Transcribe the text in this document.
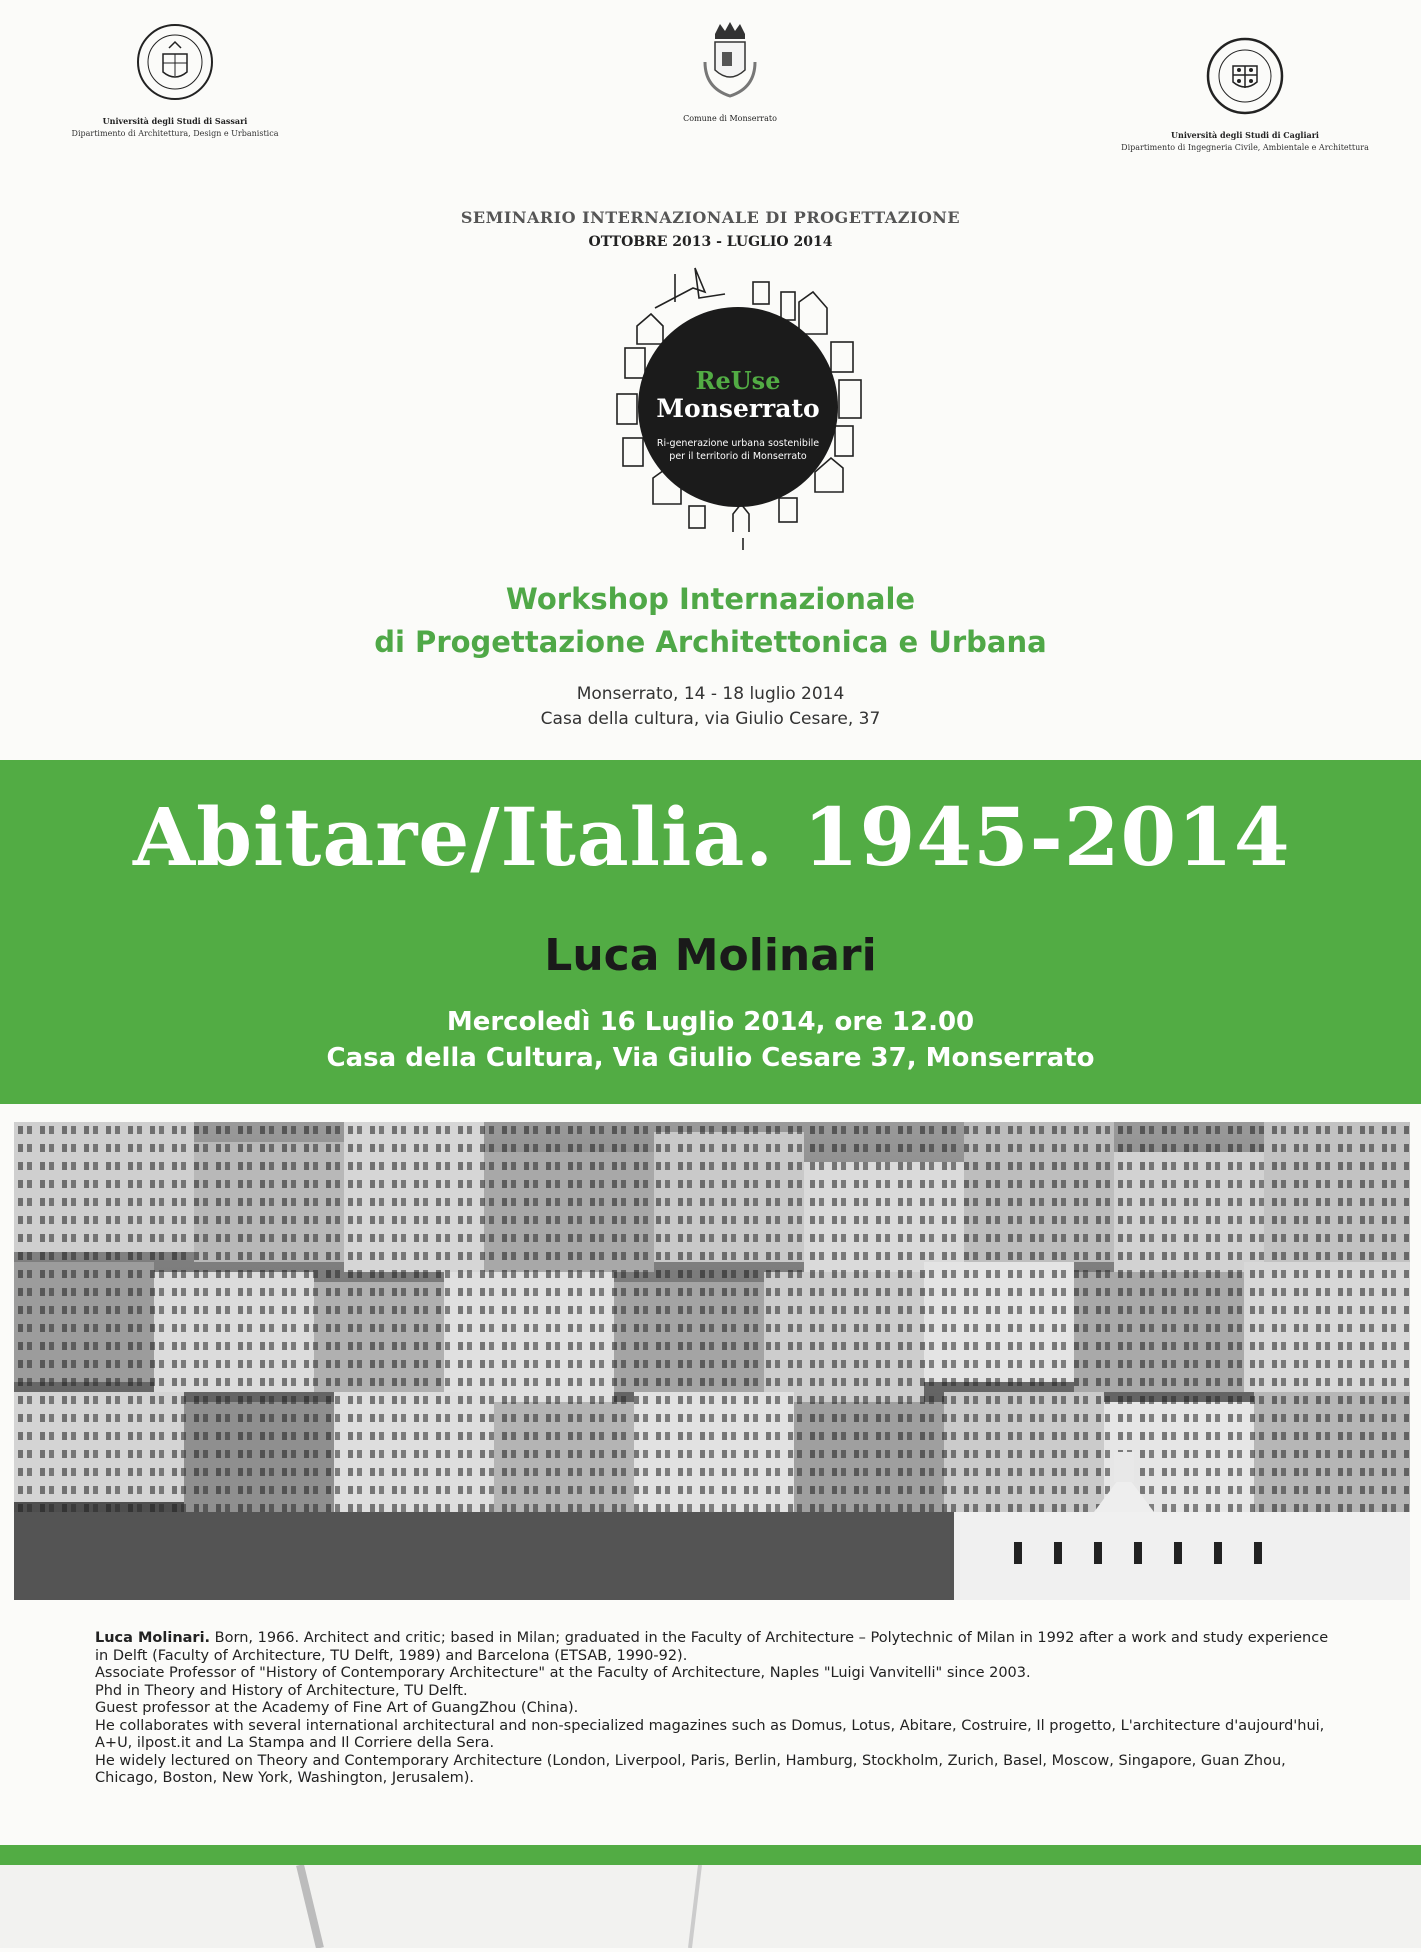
Università degli Studi di Sassari
Dipartimento di Architettura, Design e Urbanistica
Comune di Monserrato
Università degli Studi di Cagliari
Dipartimento di Ingegneria Civile, Ambientale e Architettura
SEMINARIO INTERNAZIONALE DI PROGETTAZIONE
OTTOBRE 2013 - LUGLIO 2014
ReUse
Monserrato
Ri-generazione urbana sostenibile
per il territorio di Monserrato
Workshop Internazionale
di Progettazione Architettonica e Urbana
Monserrato, 14 - 18 luglio 2014
Casa della cultura, via Giulio Cesare, 37
Abitare/Italia. 1945-2014
Luca Molinari
Mercoledì 16 Luglio 2014, ore 12.00
Casa della Cultura, Via Giulio Cesare 37, Monserrato

Luca Molinari. Born, 1966. Architect and critic; based in Milan; graduated in the Faculty of Architecture – Polytechnic of Milan in 1992 after a work and study experience in Delft (Faculty of Architecture, TU Delft, 1989) and Barcelona (ETSAB, 1990-92).

Associate Professor of "History of Contemporary Architecture" at the Faculty of Architecture, Naples "Luigi Vanvitelli" since 2003.

Phd in Theory and History of Architecture, TU Delft.

Guest professor at the Academy of Fine Art of GuangZhou (China).

He collaborates with several international architectural and non-specialized magazines such as Domus, Lotus, Abitare, Costruire, Il progetto, L'architecture d'aujourd'hui, A+U, ilpost.it and La Stampa and Il Corriere della Sera.

He widely lectured on Theory and Contemporary Architecture (London, Liverpool, Paris, Berlin, Hamburg, Stockholm, Zurich, Basel, Moscow, Singapore, Guan Zhou, Chicago, Boston, New York, Washington, Jerusalem).
